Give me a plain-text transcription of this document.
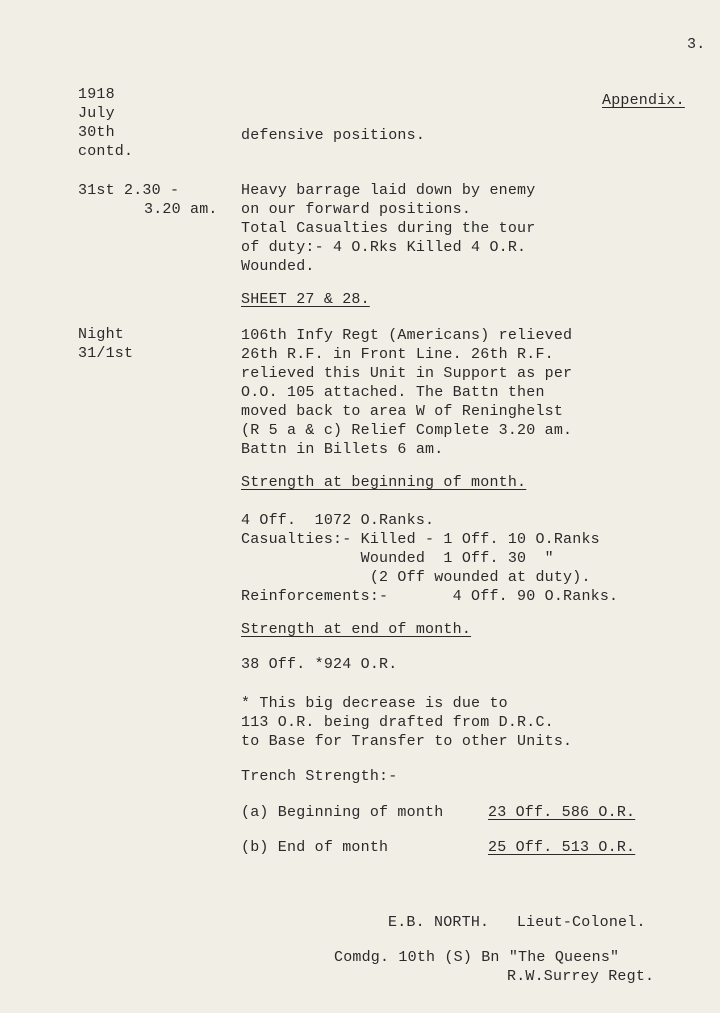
3.
Appendix.
1918
July
30th
contd.
defensive positions.
31st 2.30 -
3.20 am.
Heavy barrage laid down by enemy
on our forward positions.
Total Casualties during the tour
of duty:- 4 O.Rks Killed 4 O.R.
Wounded.
SHEET 27 & 28.
Night
31/1st
106th Infy Regt (Americans) relieved
26th R.F. in Front Line. 26th R.F.
relieved this Unit in Support as per
O.O. 105 attached. The Battn then
moved back to area W of Reninghelst
(R 5 a & c) Relief Complete 3.20 am.
Battn in Billets 6 am.
Strength at beginning of month.
4 Off.  1072 O.Ranks.
Casualties:- Killed - 1 Off. 10 O.Ranks
Wounded  1 Off. 30  "
(2 Off wounded at duty).
Reinforcements:-       4 Off. 90 O.Ranks.
Strength at end of month.
38 Off. *924 O.R.
* This big decrease is due to
113 O.R. being drafted from D.R.C.
to Base for Transfer to other Units.
Trench Strength:-
(a) Beginning of month	23 Off. 586 O.R.
(b) End of month	25 Off. 513 O.R.
E.B. NORTH.   Lieut-Colonel.
Comdg. 10th (S) Bn "The Queens"
R.W.Surrey Regt.
